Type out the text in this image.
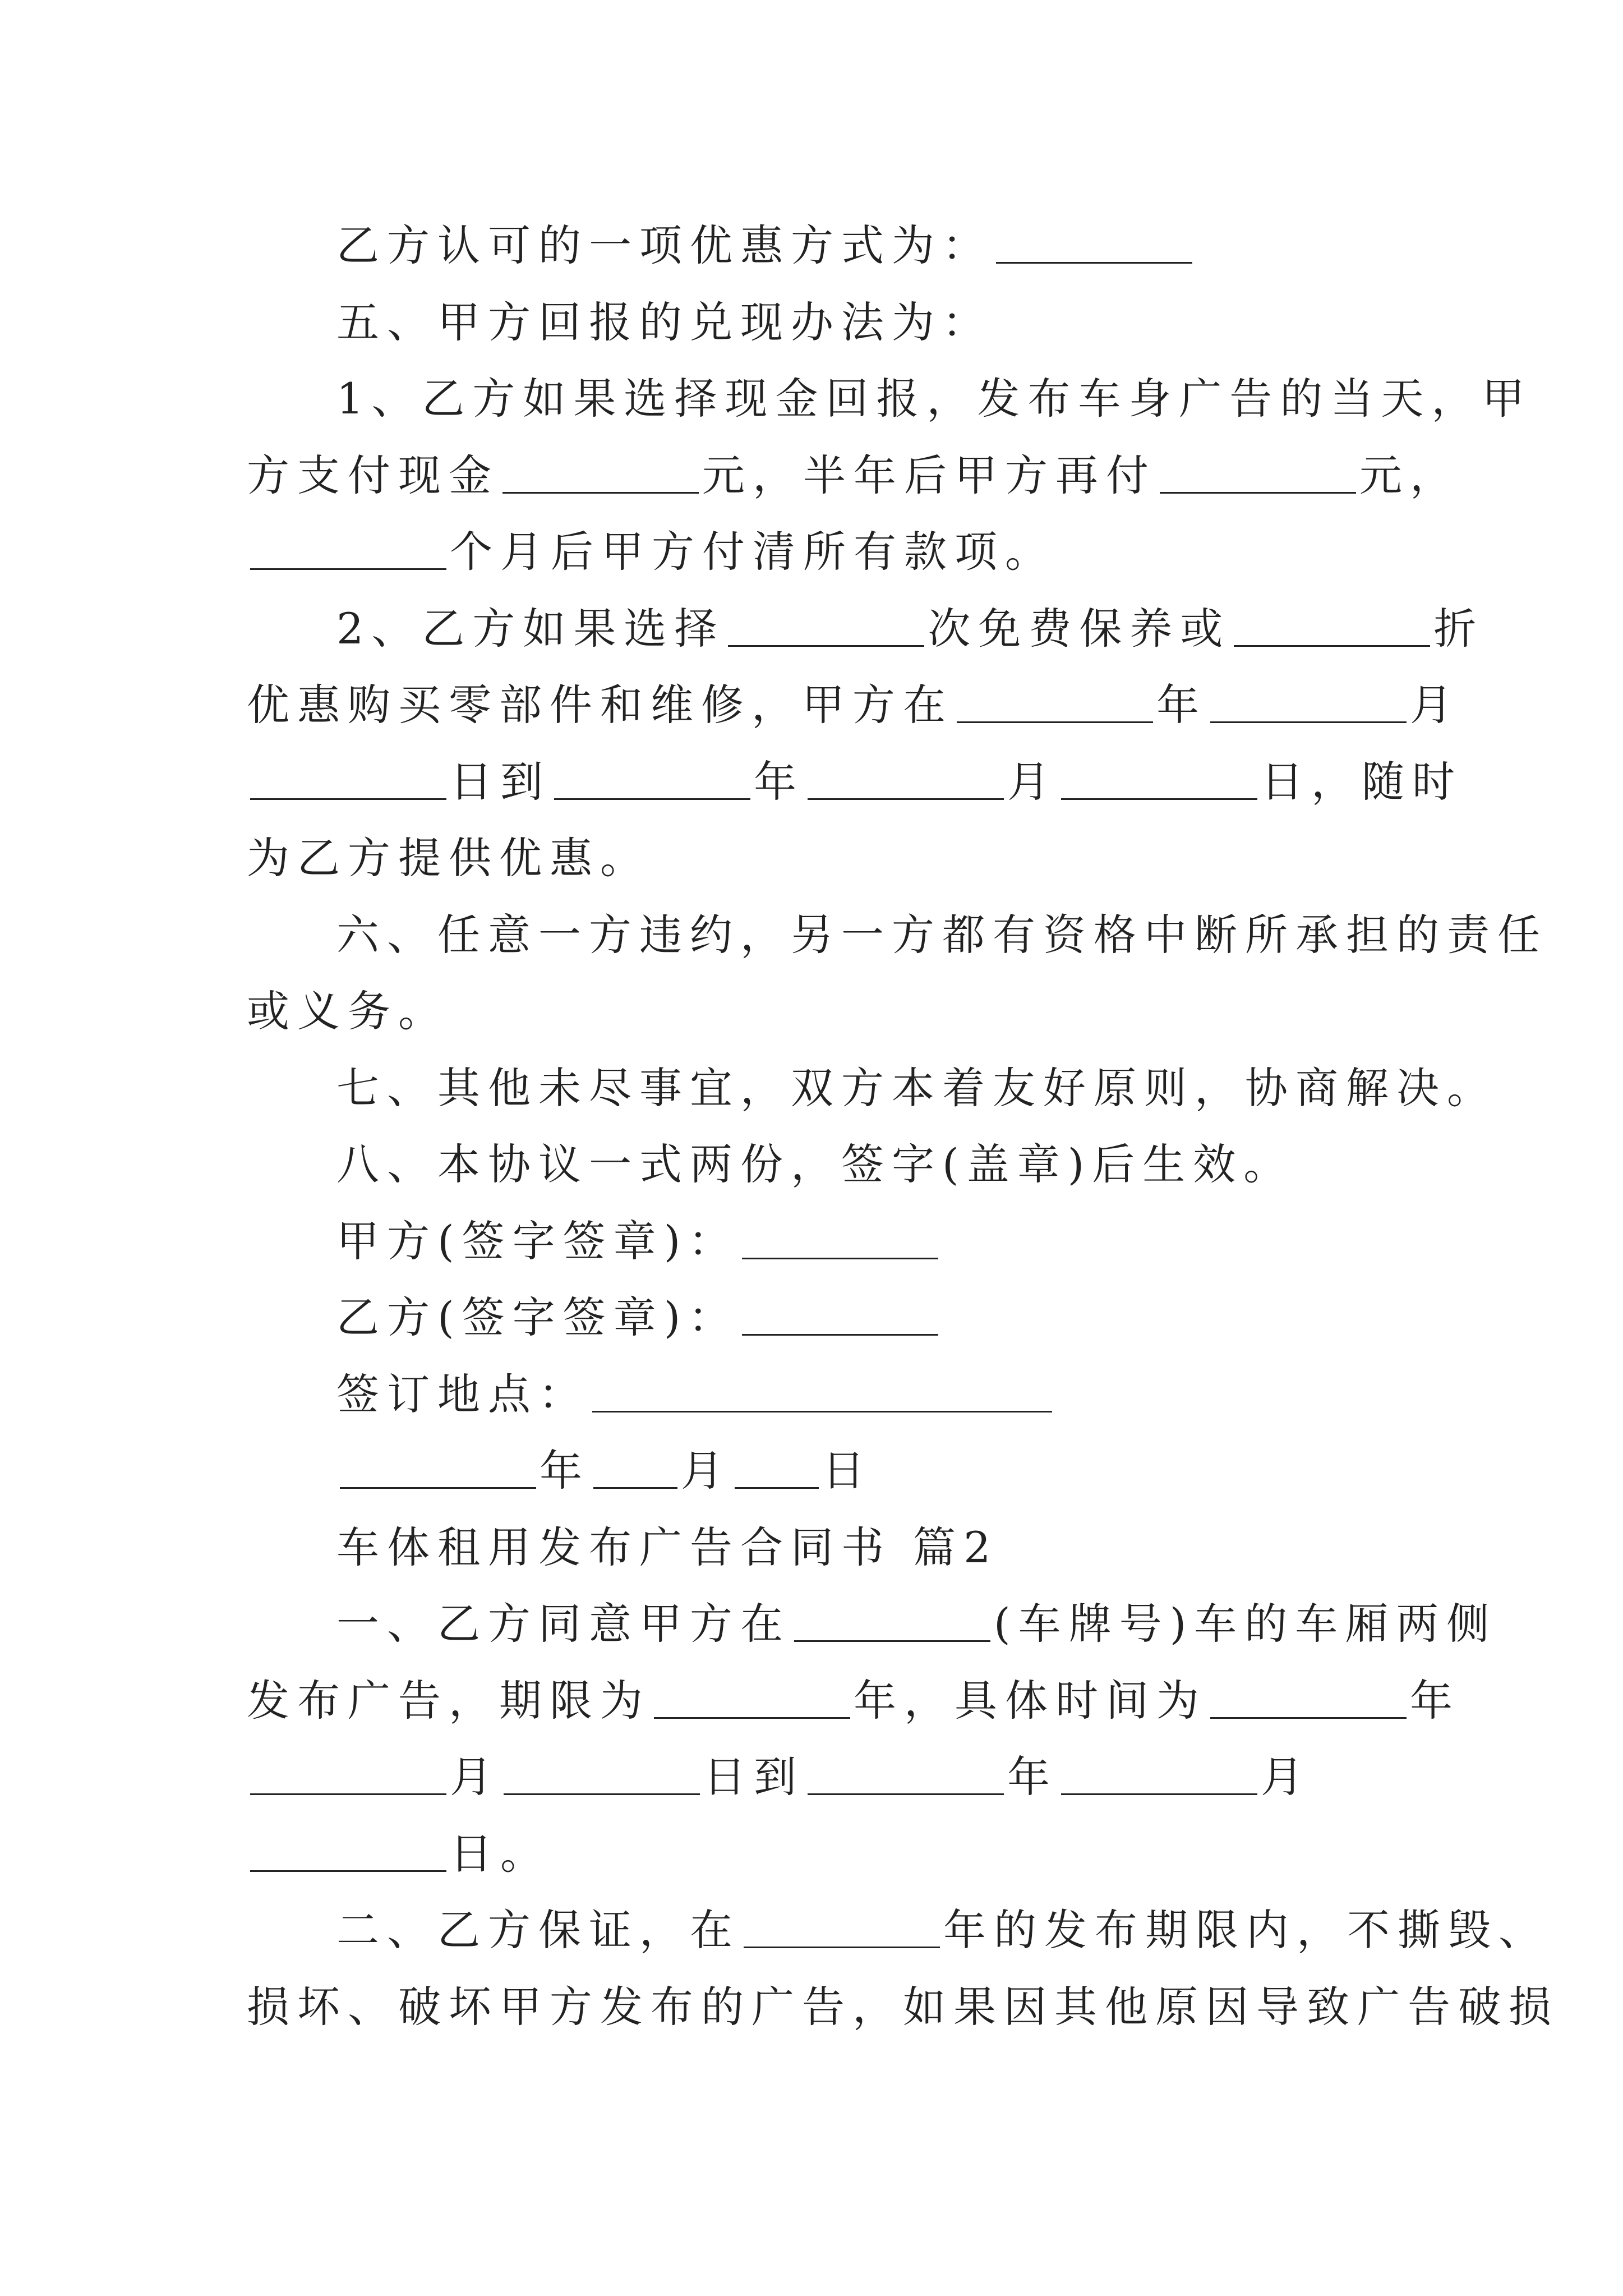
乙方认可的一项优惠方式为：
五、甲方回报的兑现办法为：
1、乙方如果选择现金回报，发布车身广告的当天，甲
方支付现金	元，半年后甲方再付	元，
个月后甲方付清所有款项。
2、乙方如果选择	次免费保养或	折
优惠购买零部件和维修，甲方在	年	月
日到	年	月	日，随时
为乙方提供优惠。
六、任意一方违约，另一方都有资格中断所承担的责任
或义务。
七、其他未尽事宜，双方本着友好原则，协商解决。
八、本协议一式两份，签字(盖章)后生效。
甲方(签字签章)：
乙方(签字签章)：
签订地点：
年 月 日
车体租用发布广告合同书 篇2
一、乙方同意甲方在	(车牌号)车的车厢两侧
发布广告，期限为	年，具体时间为	年
月	日到	年	月
日。
二、乙方保证，在	年的发布期限内，不撕毁、
损坏、破坏甲方发布的广告，如果因其他原因导致广告破损
